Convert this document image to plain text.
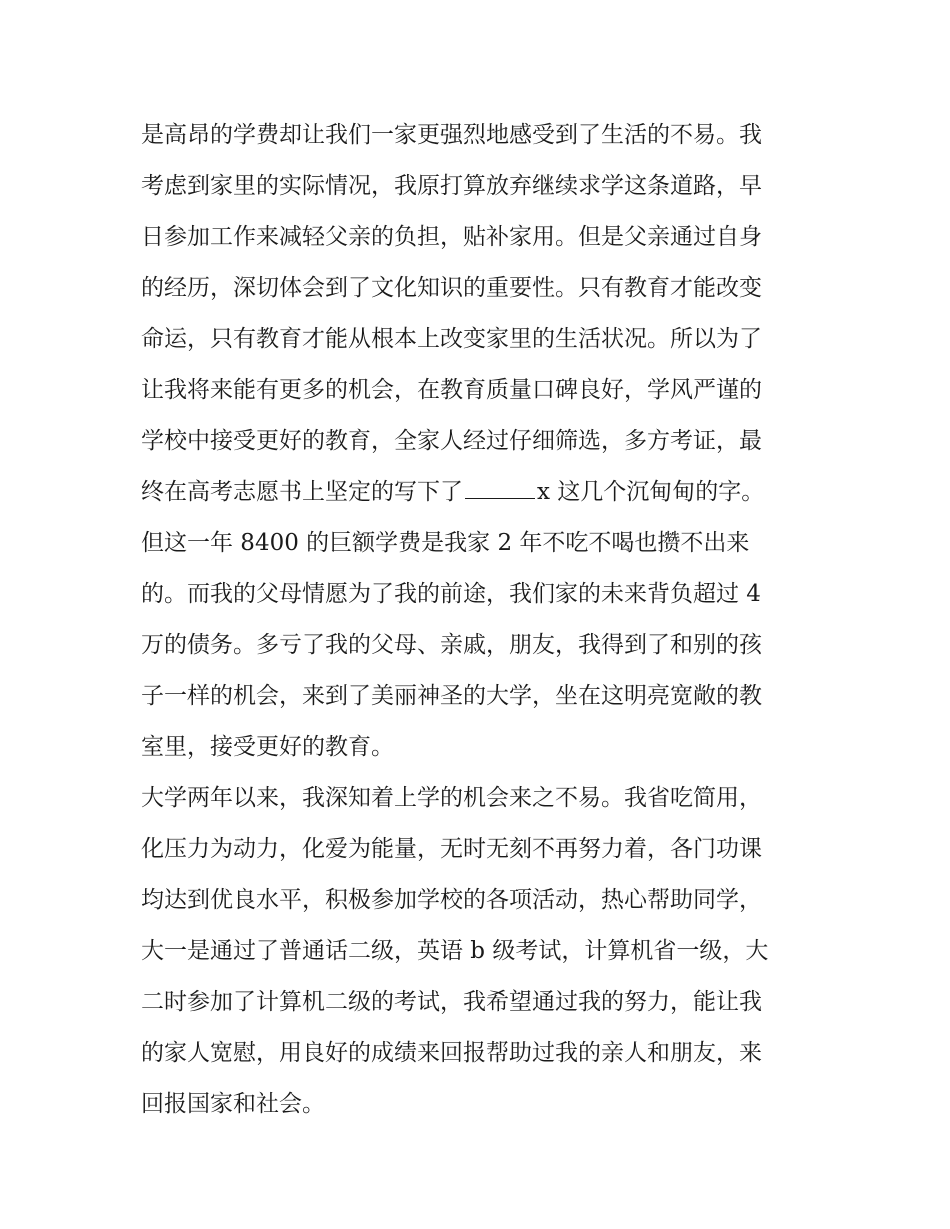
是高昂的学费却让我们一家更强烈地感受到了生活的不易。我
考虑到家里的实际情况，我原打算放弃继续求学这条道路，早
日参加工作来减轻父亲的负担，贴补家用。但是父亲通过自身
的经历，深切体会到了文化知识的重要性。只有教育才能改变
命运，只有教育才能从根本上改变家里的生活状况。所以为了
让我将来能有更多的机会，在教育质量口碑良好，学风严谨的
学校中接受更好的教育，全家人经过仔细筛选，多方考证，最
终在高考志愿书上坚定的写下了	x 这几个沉甸甸的字。
但这一年 8400 的巨额学费是我家 2 年不吃不喝也攒不出来
的。而我的父母情愿为了我的前途，我们家的未来背负超过 4
万的债务。多亏了我的父母、亲戚，朋友，我得到了和别的孩
子一样的机会，来到了美丽神圣的大学，坐在这明亮宽敞的教
室里，接受更好的教育。
大学两年以来，我深知着上学的机会来之不易。我省吃简用，
化压力为动力，化爱为能量，无时无刻不再努力着，各门功课
均达到优良水平，积极参加学校的各项活动，热心帮助同学，
大一是通过了普通话二级，英语 b 级考试，计算机省一级，大
二时参加了计算机二级的考试，我希望通过我的努力，能让我
的家人宽慰，用良好的成绩来回报帮助过我的亲人和朋友，来
回报国家和社会。
